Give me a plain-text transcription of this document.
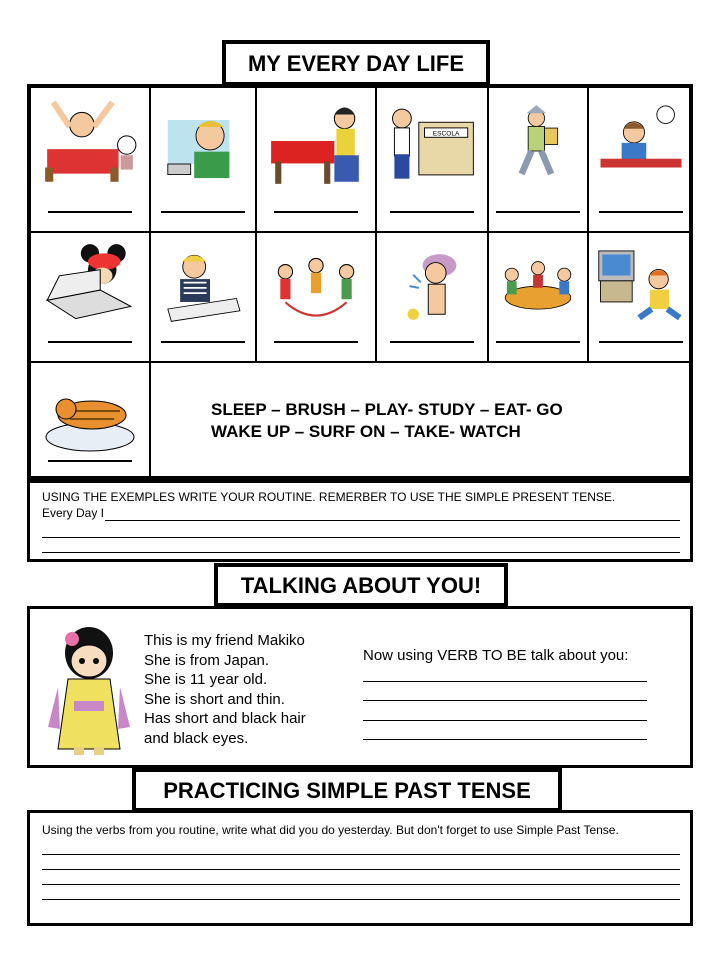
MY EVERY DAY LIFE
ESCOLA
SLEEP – BRUSH – PLAY- STUDY – EAT- GO
WAKE UP – SURF ON – TAKE- WATCH
USING THE EXEMPLES WRITE YOUR ROUTINE. REMERBER TO USE THE SIMPLE PRESENT TENSE.
Every Day I
TALKING ABOUT YOU!
This is my friend Makiko
She is from Japan.
She is 11 year old.
She is short and thin.
Has short and black hair
and black eyes.
Now using VERB TO BE talk about you:
PRACTICING SIMPLE PAST TENSE
Using the verbs from you routine, write what did you do yesterday. But don't forget to use Simple Past Tense.
